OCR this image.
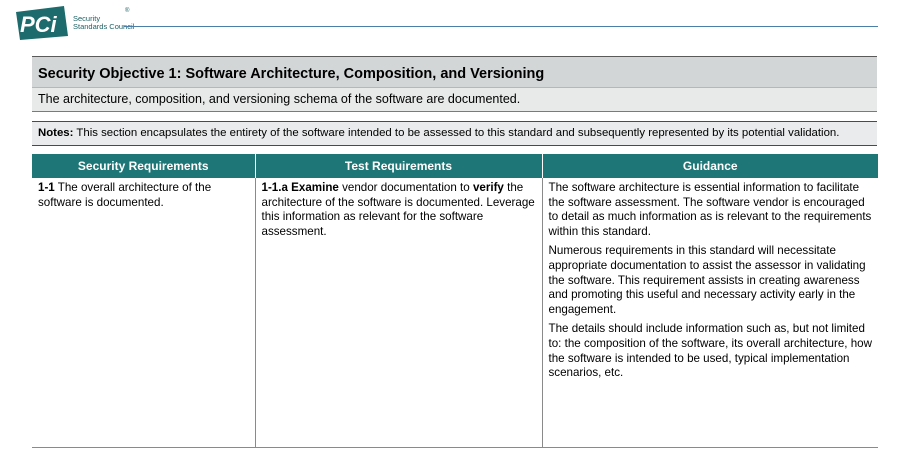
PCi Security
Standards Council
®
Security Objective 1: Software Architecture, Composition, and Versioning
The architecture, composition, and versioning schema of the software are documented.
Notes: This section encapsulates the entirety of the software intended to be assessed to this standard and subsequently represented by its potential validation.
Security Requirements	Test Requirements	Guidance
1-1 The overall architecture of the software is documented.	1-1.a Examine vendor documentation to verify the architecture of the software is documented. Leverage this information as relevant for the software assessment.	The software architecture is essential information to facilitate the software assessment. The software vendor is encouraged to detail as much information as is relevant to the requirements within this standard.

Numerous requirements in this standard will necessitate appropriate documentation to assist the assessor in validating the software. This requirement assists in creating awareness and promoting this useful and necessary activity early in the engagement.

The details should include information such as, but not limited to: the composition of the software, its overall architecture, how the software is intended to be used, typical implementation scenarios, etc.
